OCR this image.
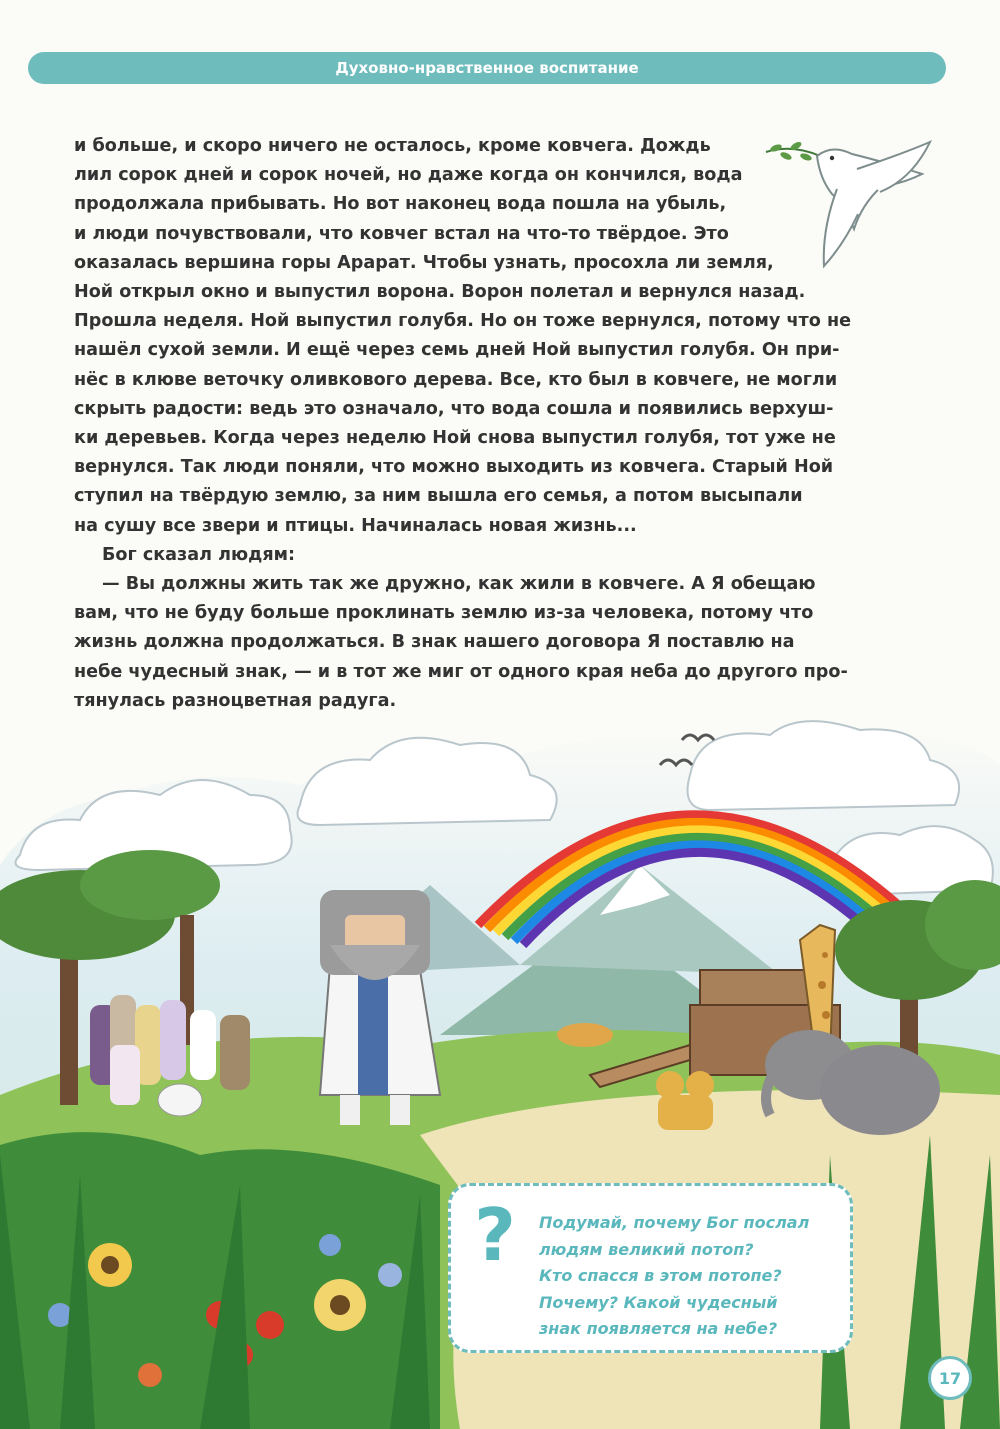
Духовно-нравственное воспитание

и больше, и скоро ничего не осталось, кроме ковчега. Дождь
лил сорок дней и сорок ночей, но даже когда он кончился, вода
продолжала прибывать. Но вот наконец вода пошла на убыль,
и люди почувствовали, что ковчег встал на что-то твёрдое. Это
оказалась вершина горы Арарат. Чтобы узнать, просохла ли земля,
Ной открыл окно и выпустил ворона. Ворон полетал и вернулся назад.
Прошла неделя. Ной выпустил голубя. Но он тоже вернулся, потому что не
нашёл сухой земли. И ещё через семь дней Ной выпустил голубя. Он при-
нёс в клюве веточку оливкового дерева. Все, кто был в ковчеге, не могли
скрыть радости: ведь это означало, что вода сошла и появились верхуш-
ки деревьев. Когда через неделю Ной снова выпустил голубя, тот уже не
вернулся. Так люди поняли, что можно выходить из ковчега. Старый Ной
ступил на твёрдую землю, за ним вышла его семья, а потом высыпали
на сушу все звери и птицы. Начиналась новая жизнь...

Бог сказал людям:

— Вы должны жить так же дружно, как жили в ковчеге. А Я обещаю
вам, что не буду больше проклинать землю из-за человека, потому что
жизнь должна продолжаться. В знак нашего договора Я поставлю на
небе чудесный знак, — и в тот же миг от одного края неба до другого про-
тянулась разноцветная радуга.

? Подумай, почему Бог послал
людям великий потоп?
Кто спасся в этом потопе?
Почему? Какой чудесный
знак появляется на небе?
17
